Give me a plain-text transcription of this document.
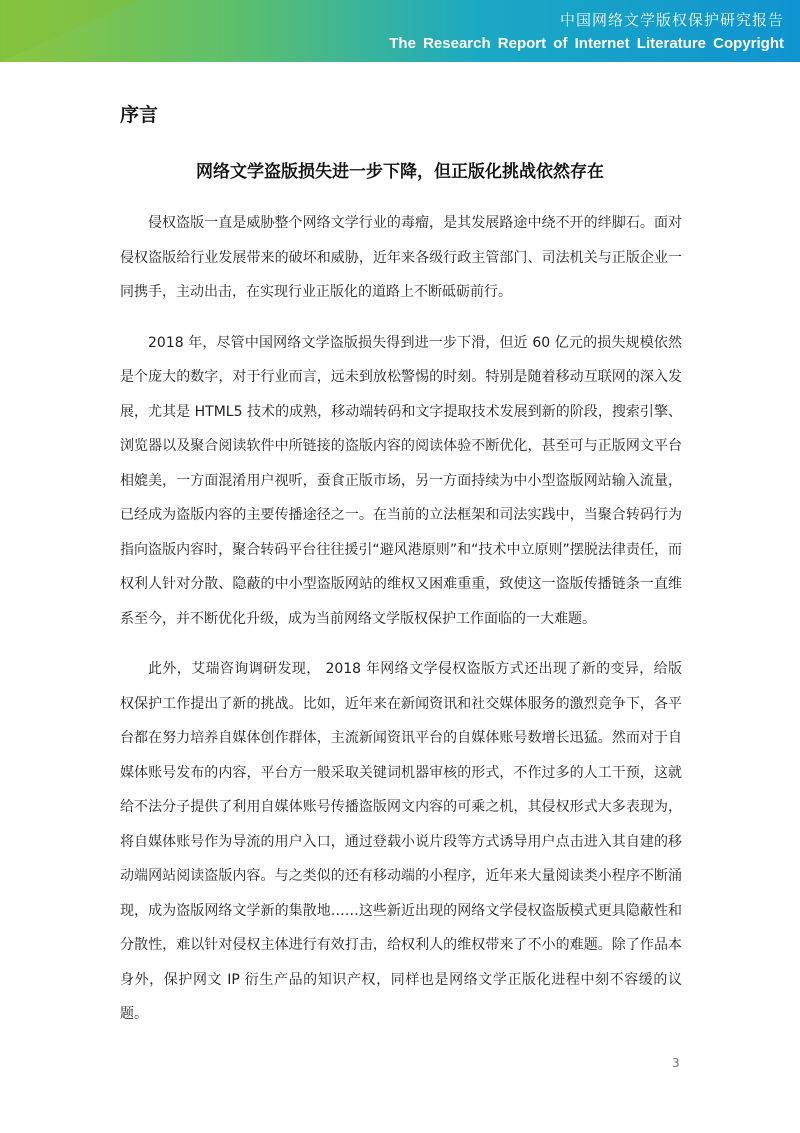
中国网络文学版权保护研究报告
The Research Report of Internet Literature Copyright
序言
网络文学盗版损失进一步下降，但正版化挑战依然存在

侵权盗版一直是威胁整个网络文学行业的毒瘤，是其发展路途中绕不开的绊脚石。面对侵权盗版给行业发展带来的破坏和威胁，近年来各级行政主管部门、司法机关与正版企业一同携手，主动出击，在实现行业正版化的道路上不断砥砺前行。

2018 年，尽管中国网络文学盗版损失得到进一步下滑，但近 60 亿元的损失规模依然是个庞大的数字，对于行业而言，远未到放松警惕的时刻。特别是随着移动互联网的深入发展，尤其是 HTML5 技术的成熟，移动端转码和文字提取技术发展到新的阶段，搜索引擎、浏览器以及聚合阅读软件中所链接的盗版内容的阅读体验不断优化，甚至可与正版网文平台相媲美，一方面混淆用户视听，蚕食正版市场，另一方面持续为中小型盗版网站输入流量，已经成为盗版内容的主要传播途径之一。在当前的立法框架和司法实践中，当聚合转码行为指向盗版内容时，聚合转码平台往往援引“避风港原则”和“技术中立原则”摆脱法律责任，而权利人针对分散、隐蔽的中小型盗版网站的维权又困难重重，致使这一盗版传播链条一直维系至今，并不断优化升级，成为当前网络文学版权保护工作面临的一大难题。

此外，艾瑞咨询调研发现， 2018 年网络文学侵权盗版方式还出现了新的变异，给版权保护工作提出了新的挑战。比如，近年来在新闻资讯和社交媒体服务的激烈竞争下，各平台都在努力培养自媒体创作群体，主流新闻资讯平台的自媒体账号数增长迅猛。然而对于自媒体账号发布的内容，平台方一般采取关键词机器审核的形式，不作过多的人工干预，这就给不法分子提供了利用自媒体账号传播盗版网文内容的可乘之机，其侵权形式大多表现为，将自媒体账号作为导流的用户入口，通过登载小说片段等方式诱导用户点击进入其自建的移动端网站阅读盗版内容。与之类似的还有移动端的小程序，近年来大量阅读类小程序不断涌现，成为盗版网络文学新的集散地……这些新近出现的网络文学侵权盗版模式更具隐蔽性和分散性，难以针对侵权主体进行有效打击，给权利人的维权带来了不小的难题。除了作品本身外，保护网文 IP 衍生产品的知识产权，同样也是网络文学正版化进程中刻不容缓的议题。

3
